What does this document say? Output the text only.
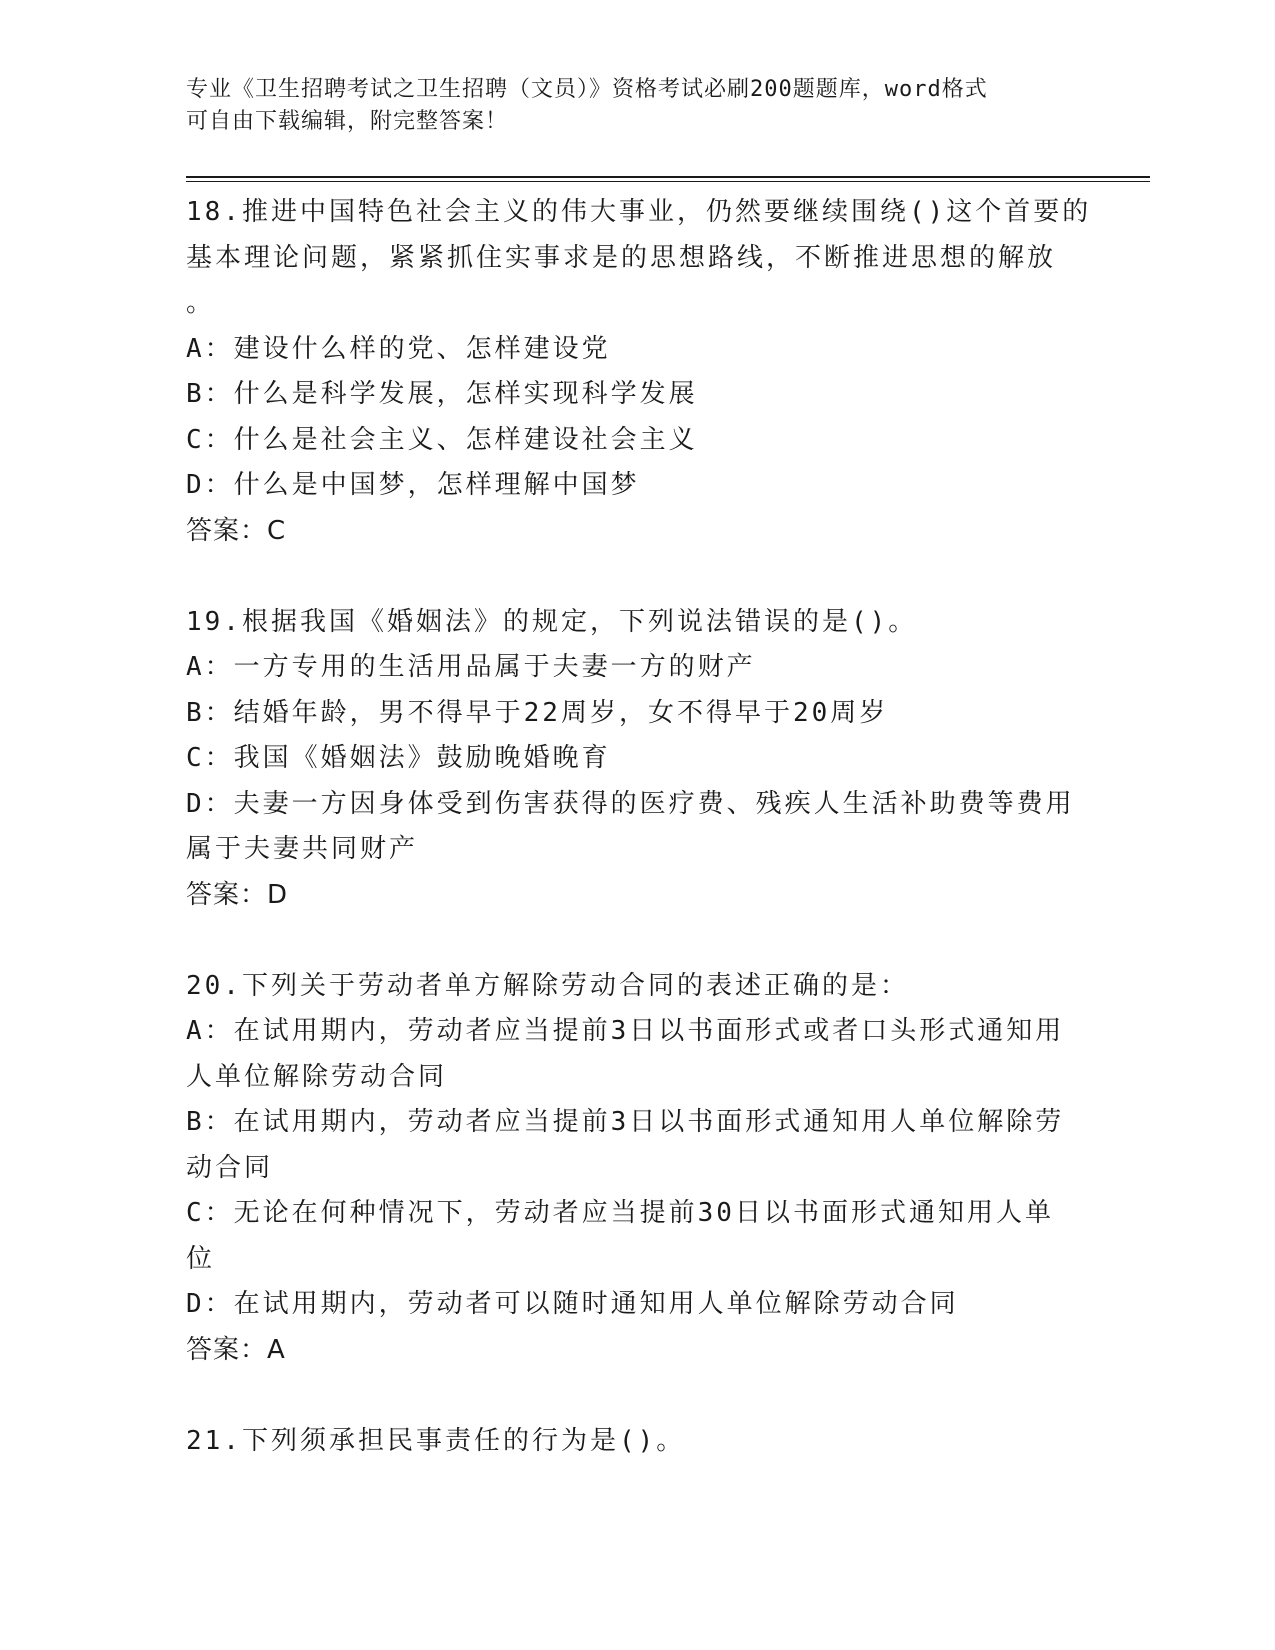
专业《卫生招聘考试之卫生招聘（文员）》资格考试必刷200题题库，word格式
可自由下载编辑，附完整答案！
18.推进中国特色社会主义的伟大事业，仍然要继续围绕()这个首要的
基本理论问题，紧紧抓住实事求是的思想路线，不断推进思想的解放
。
A：建设什么样的党、怎样建设党
B：什么是科学发展，怎样实现科学发展
C：什么是社会主义、怎样建设社会主义
D：什么是中国梦，怎样理解中国梦
答案：C
19.根据我国《婚姻法》的规定，下列说法错误的是()。
A：一方专用的生活用品属于夫妻一方的财产
B：结婚年龄，男不得早于22周岁，女不得早于20周岁
C：我国《婚姻法》鼓励晚婚晚育
D：夫妻一方因身体受到伤害获得的医疗费、残疾人生活补助费等费用
属于夫妻共同财产
答案：D
20.下列关于劳动者单方解除劳动合同的表述正确的是：
A：在试用期内，劳动者应当提前3日以书面形式或者口头形式通知用
人单位解除劳动合同
B：在试用期内，劳动者应当提前3日以书面形式通知用人单位解除劳
动合同
C：无论在何种情况下，劳动者应当提前30日以书面形式通知用人单
位
D：在试用期内，劳动者可以随时通知用人单位解除劳动合同
答案：A
21.下列须承担民事责任的行为是()。
